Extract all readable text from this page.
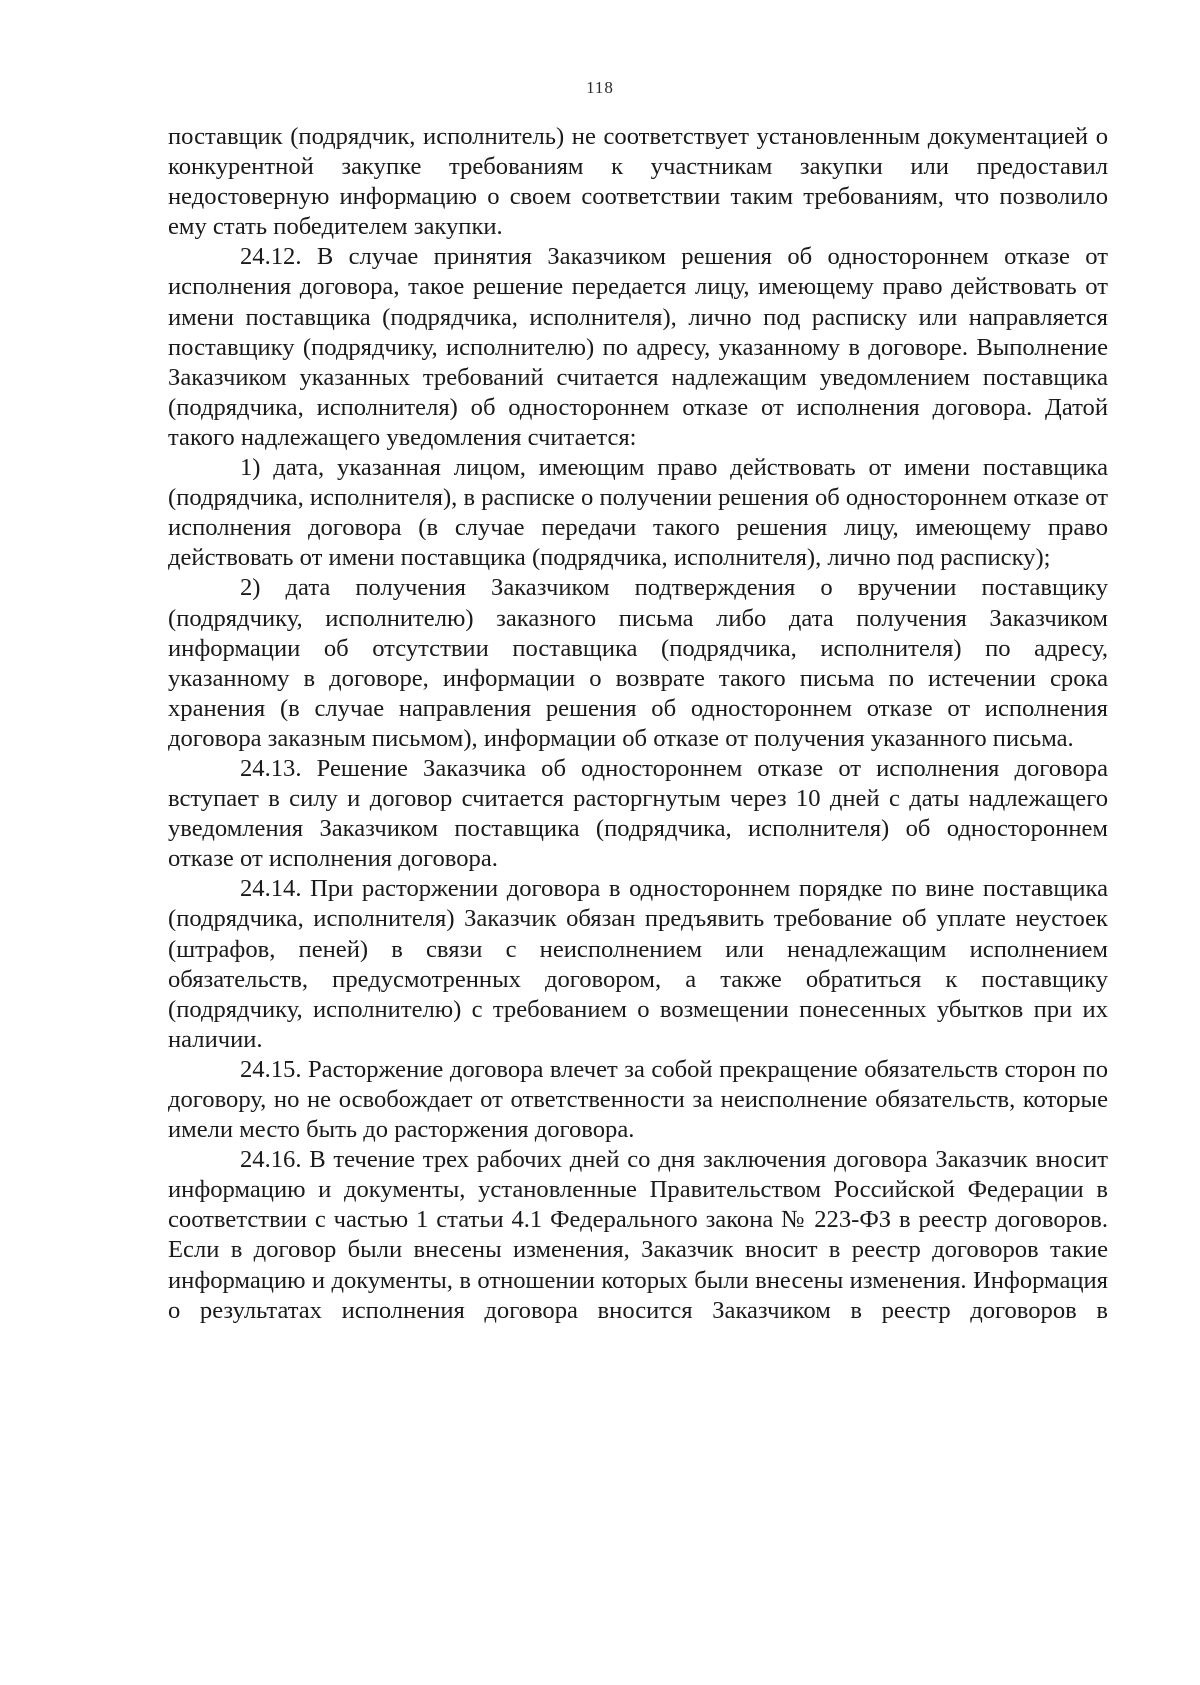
118

поставщик (подрядчик, исполнитель) не соответствует установленным документацией о конкурентной закупке требованиям к участникам закупки или предоставил недостоверную информацию о своем соответствии таким требованиям, что позволило ему стать победителем закупки.

24.12. В случае принятия Заказчиком решения об одностороннем отказе от исполнения договора, такое решение передается лицу, имеющему право действовать от имени поставщика (подрядчика, исполнителя), лично под расписку или направляется поставщику (подрядчику, исполнителю) по адресу, указанному в договоре. Выполнение Заказчиком указанных требований считается надлежащим уведомлением поставщика (подрядчика, исполнителя) об одностороннем отказе от исполнения договора. Датой такого надлежащего уведомления считается:

1) дата, указанная лицом, имеющим право действовать от имени поставщика (подрядчика, исполнителя), в расписке о получении решения об одностороннем отказе от исполнения договора (в случае передачи такого решения лицу, имеющему право действовать от имени поставщика (подрядчика, исполнителя), лично под расписку);

2) дата получения Заказчиком подтверждения о вручении поставщику (подрядчику, исполнителю) заказного письма либо дата получения Заказчиком информации об отсутствии поставщика (подрядчика, исполнителя) по адресу, указанному в договоре, информации о возврате такого письма по истечении срока хранения (в случае направления решения об одностороннем отказе от исполнения договора заказным письмом), информации об отказе от получения указанного письма.

24.13. Решение Заказчика об одностороннем отказе от исполнения договора вступает в силу и договор считается расторгнутым через 10 дней с даты надлежащего уведомления Заказчиком поставщика (подрядчика, исполнителя) об одностороннем отказе от исполнения договора.

24.14. При расторжении договора в одностороннем порядке по вине поставщика (подрядчика, исполнителя) Заказчик обязан предъявить требование об уплате неустоек (штрафов, пеней) в связи с неисполнением или ненадлежащим исполнением обязательств, предусмотренных договором, а также обратиться к поставщику (подрядчику, исполнителю) с требованием о возмещении понесенных убытков при их наличии.

24.15. Расторжение договора влечет за собой прекращение обязательств сторон по договору, но не освобождает от ответственности за неисполнение обязательств, которые имели место быть до расторжения договора.

24.16. В течение трех рабочих дней со дня заключения договора Заказчик вносит информацию и документы, установленные Правительством Российской Федерации в соответствии с частью 1 статьи 4.1 Федерального закона № 223-ФЗ в реестр договоров. Если в договор были внесены изменения, Заказчик вносит в реестр договоров такие информацию и документы, в отношении которых были внесены изменения. Информация о результатах исполнения договора вносится Заказчиком в реестр договоров в
